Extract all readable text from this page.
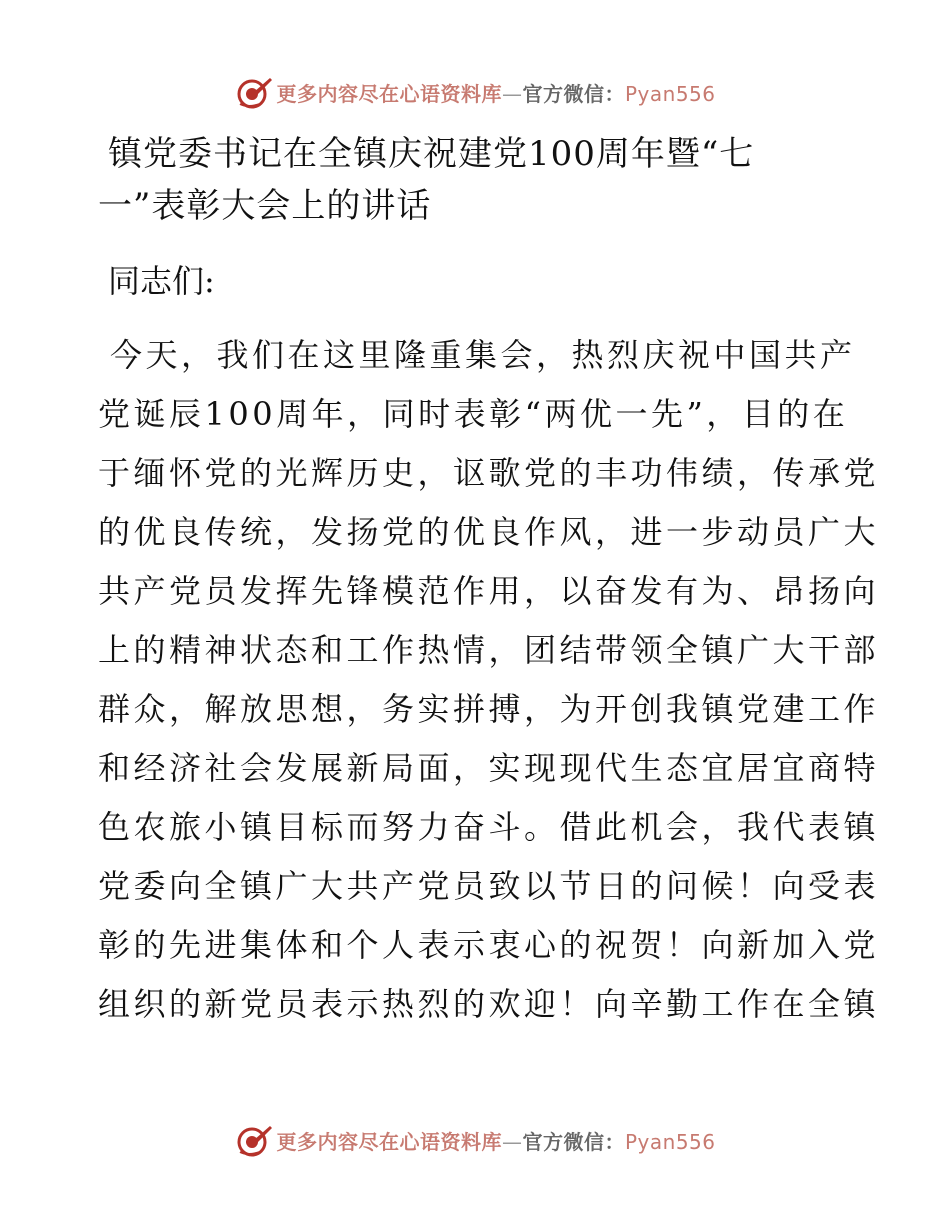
更多内容尽在心语资料库—官方微信：Pyan556
镇党委书记在全镇庆祝建党100周年暨“七
一”表彰大会上的讲话
同志们:
今天，我们在这里隆重集会，热烈庆祝中国共产
党诞辰100周年，同时表彰“两优一先”，目的在
于缅怀党的光辉历史，讴歌党的丰功伟绩，传承党
的优良传统，发扬党的优良作风，进一步动员广大
共产党员发挥先锋模范作用，以奋发有为、昂扬向
上的精神状态和工作热情，团结带领全镇广大干部
群众，解放思想，务实拼搏，为开创我镇党建工作
和经济社会发展新局面，实现现代生态宜居宜商特
色农旅小镇目标而努力奋斗。借此机会，我代表镇
党委向全镇广大共产党员致以节日的问候！向受表
彰的先进集体和个人表示衷心的祝贺！向新加入党
组织的新党员表示热烈的欢迎！向辛勤工作在全镇
更多内容尽在心语资料库—官方微信：Pyan556
